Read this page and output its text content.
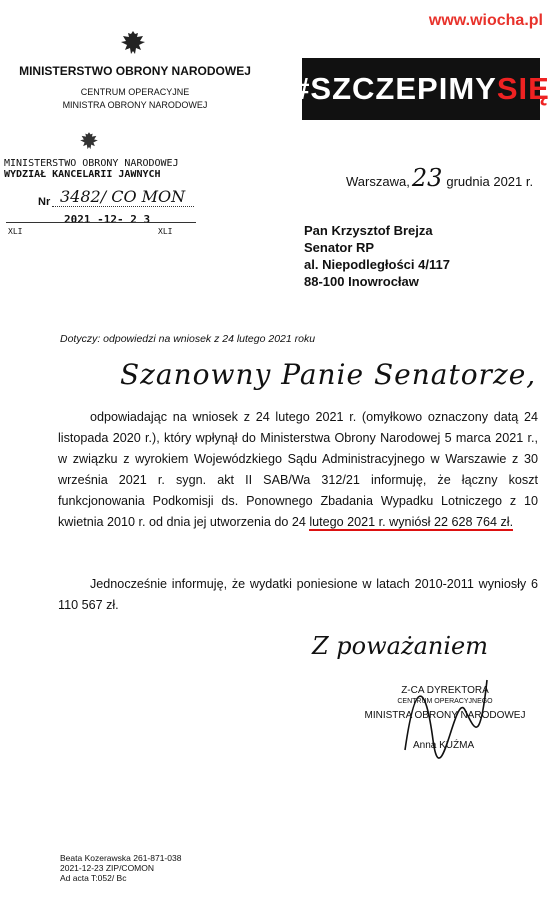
www.wiocha.pl
MINISTERSTWO OBRONY NARODOWEJ
CENTRUM OPERACYJNE
MINISTRA OBRONY NARODOWEJ	#SZCZEPIMY SIĘ
MINISTERSTWO OBRONY NARODOWEJ
WYDZIAŁ KANCELARII JAWNYCH
Nr 3482/ CO MON
2021 -12- 2 3
XLI	XLI
Warszawa,23 grudnia 2021 r.
Pan Krzysztof Brejza
Senator RP
al. Niepodległości 4/117
88-100 Inowrocław
Dotyczy: odpowiedzi na wniosek z 24 lutego 2021 roku
Szanowny Panie Senatorze,
odpowiadając na wniosek z 24 lutego 2021 r. (omyłkowo oznaczony datą 24 listopada 2020 r.), który wpłynął do Ministerstwa Obrony Narodowej 5 marca 2021 r., w związku z wyrokiem Wojewódzkiego Sądu Administracyjnego w Warszawie z 30 września 2021 r. sygn. akt II SAB/Wa 312/21 informuję, że łączny koszt funkcjonowania Podkomisji ds. Ponownego Zbadania Wypadku Lotniczego z 10 kwietnia 2010 r. od dnia jej utworzenia do 24 lutego 2021 r. wyniósł 22 628 764 zł.
Jednocześnie informuję, że wydatki poniesione w latach 2010-2011 wyniosły 6 110 567 zł.
Z poważaniem
Z-CA DYREKTORA
CENTRUM OPERACYJNEGO
MINISTRA OBRONY NARODOWEJ
Anna KUŹMA
Beata Kozerawska 261-871-038
2021-12-23 ZIP/COMON
Ad acta T:052/ Bc
